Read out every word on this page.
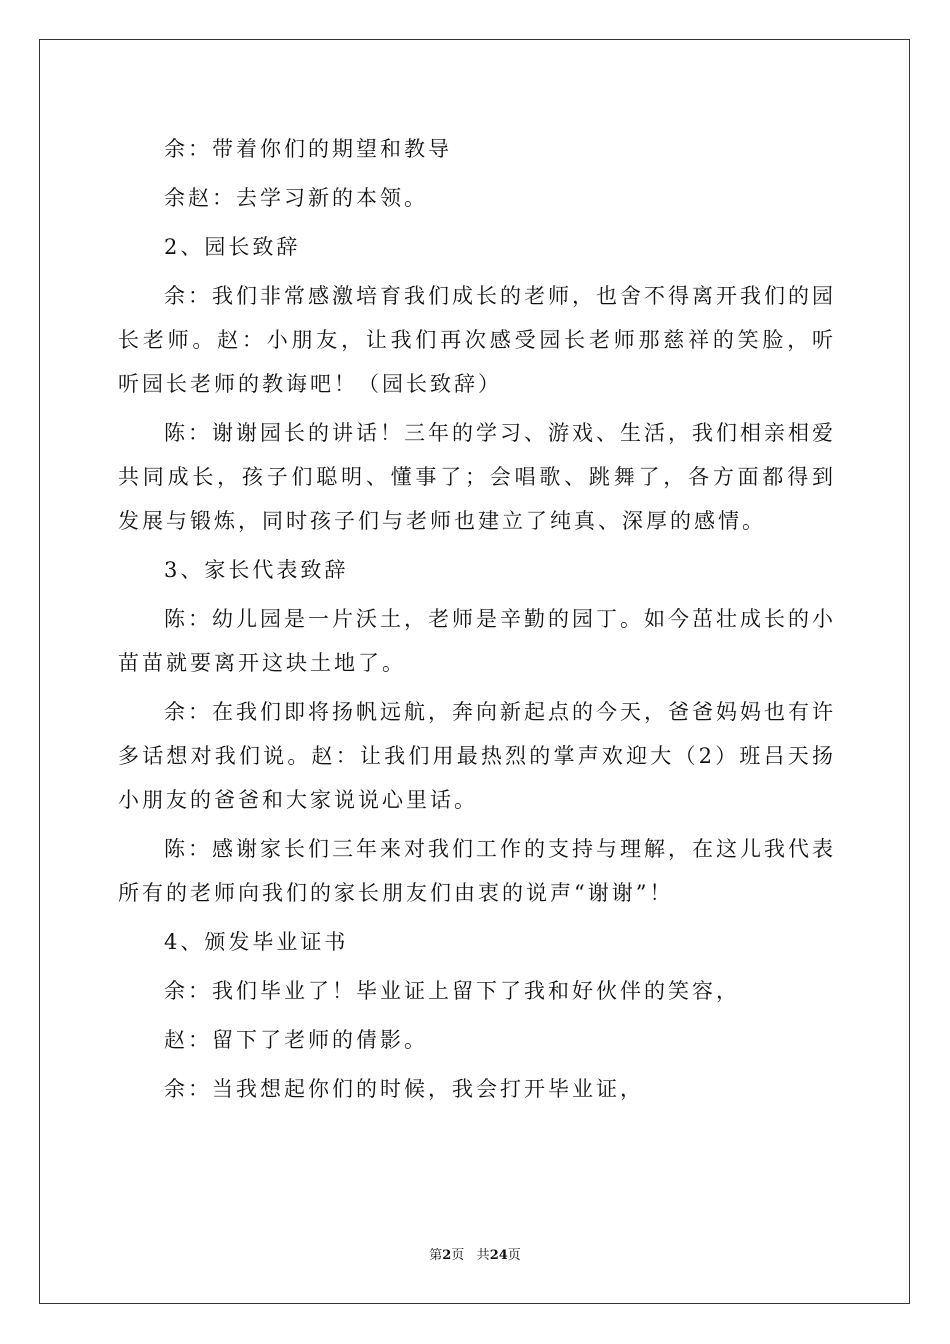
余：带着你们的期望和教导

余赵：去学习新的本领。

2、园长致辞

余：我们非常感激培育我们成长的老师，也舍不得离开我们的园长老师。赵：小朋友，让我们再次感受园长老师那慈祥的笑脸，听听园长老师的教诲吧！（园长致辞）

陈：谢谢园长的讲话！三年的学习、游戏、生活，我们相亲相爱共同成长，孩子们聪明、懂事了；会唱歌、跳舞了，各方面都得到发展与锻炼，同时孩子们与老师也建立了纯真、深厚的感情。

3、家长代表致辞

陈：幼儿园是一片沃土，老师是辛勤的园丁。如今茁壮成长的小苗苗就要离开这块土地了。

余：在我们即将扬帆远航，奔向新起点的今天，爸爸妈妈也有许多话想对我们说。赵：让我们用最热烈的掌声欢迎大（2）班吕天扬小朋友的爸爸和大家说说心里话。

陈：感谢家长们三年来对我们工作的支持与理解，在这儿我代表所有的老师向我们的家长朋友们由衷的说声“谢谢”！

4、颁发毕业证书

余：我们毕业了！毕业证上留下了我和好伙伴的笑容，

赵：留下了老师的倩影。

余：当我想起你们的时候，我会打开毕业证，

第2页 共24页
